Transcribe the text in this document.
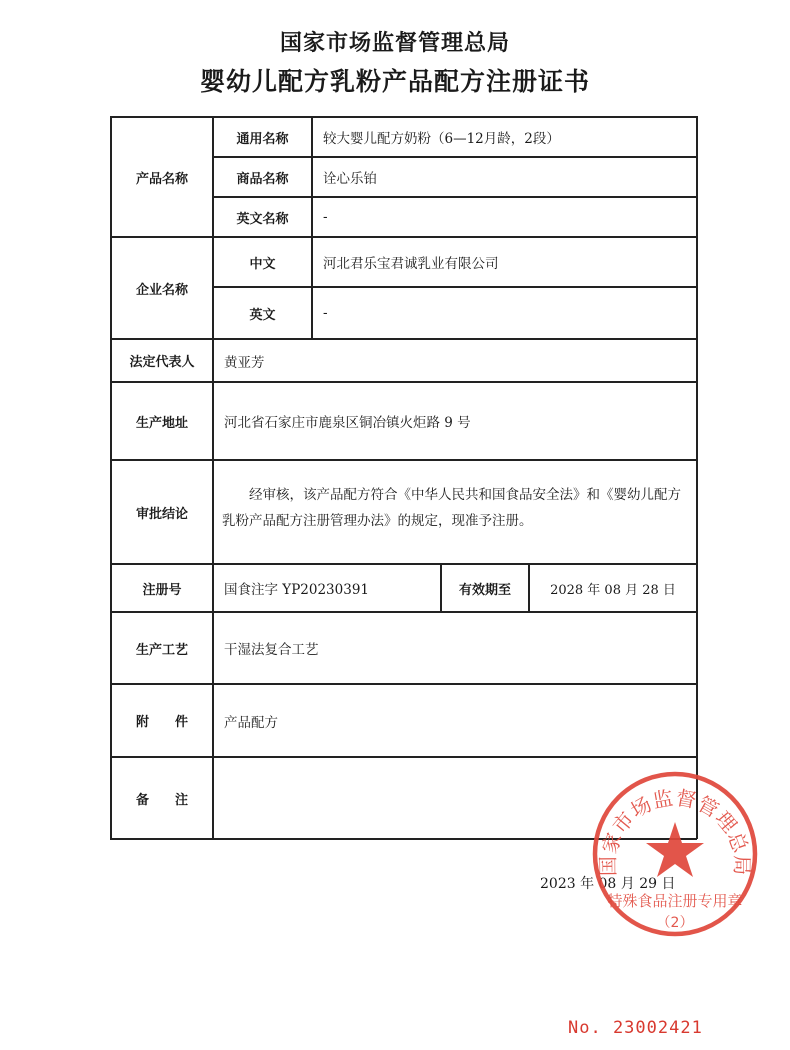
国家市场监督管理总局
婴幼儿配方乳粉产品配方注册证书
产品名称
通用名称	较大婴儿配方奶粉（6—12月龄，2段）
商品名称	诠心乐铂
英文名称	-
企业名称
中文	河北君乐宝君诚乳业有限公司
英文	-
法定代表人	黄亚芳
生产地址	河北省石家庄市鹿泉区铜冶镇火炬路 9 号
审批结论
经审核，该产品配方符合《中华人民共和国食品安全法》和《婴幼儿配方乳粉产品配方注册管理办法》的规定，现准予注册。
注册号	国食注字 YP20230391	有效期至	2028 年 08 月 28 日
生产工艺	干湿法复合工艺
附　　件	产品配方
备　　注
2023 年 08 月 29 日
国家市场监督管理总局
特殊食品注册专用章
（2）
No. 23002421
